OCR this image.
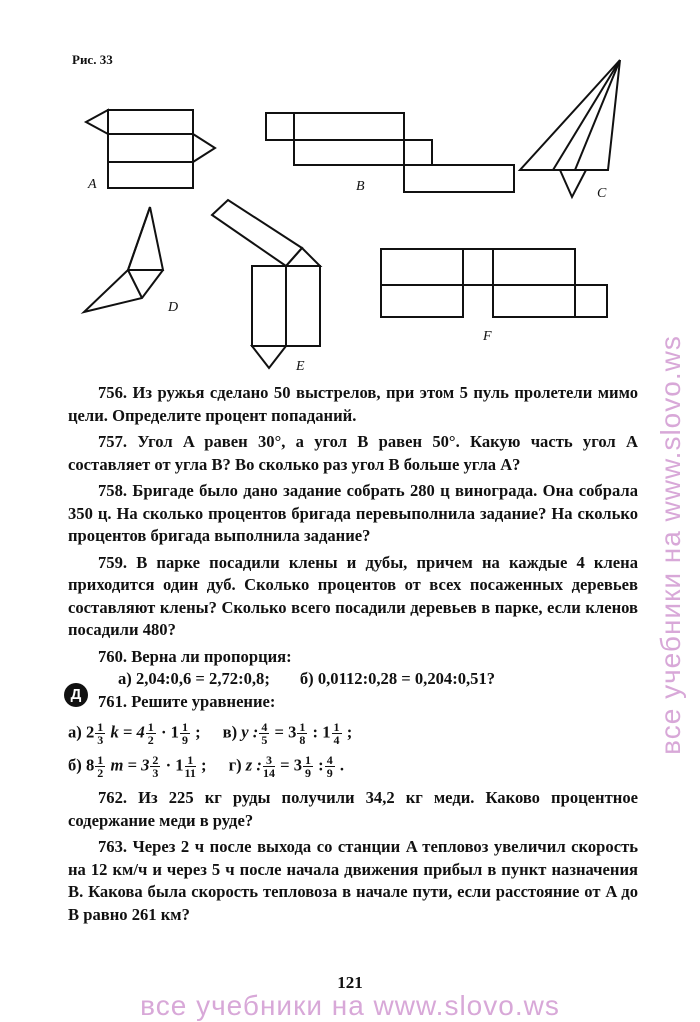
Рис. 33
A	B	C
D
E
F
756. Из ружья сделано 50 выстрелов, при этом 5 пуль пролетели мимо цели. Определите процент попаданий.
757. Угол A равен 30°, а угол B равен 50°. Какую часть угол A составляет от угла B? Во сколько раз угол B больше угла A?
758. Бригаде было дано задание собрать 280 ц винограда. Она собрала 350 ц. На сколько процентов бригада перевыполнила задание? На сколько процентов бригада выполнила задание?
759. В парке посадили клены и дубы, причем на каждые 4 клена приходится один дуб. Сколько процентов от всех посаженных деревьев составляют клены? Сколько всего посадили деревьев в парке, если кленов посадили 480?
760. Верна ли пропорция:
а) 2,04:0,6 = 2,72:0,8; б) 0,0112:0,28 = 0,204:0,51?
761. Решите уравнение:
а) $2 \frac{1}{3}$ $k = 4 \frac{1}{2} \cdot 1 \frac{1}{9}$ ; в) y : $\frac{4}{5} = 3 \frac{1}{8}$ : $1 \frac{1}{4}$ ;
б) $8 \frac{1}{2}$ $m = 3 \frac{2}{3} \cdot 1 \frac{1}{11}$ ; г) z : $\frac{3}{14} = 3 \frac{1}{9}$ : $\frac{4}{9}$ .
762. Из 225 кг руды получили 34,2 кг меди. Каково процентное содержание меди в руде?
763. Через 2 ч после выхода со станции A тепловоз увеличил скорость на 12 км/ч и через 5 ч после начала движения прибыл в пункт назначения B. Какова была скорость тепловоза в начале пути, если расстояние от A до B равно 261 км?
Д
121
все учебники на www.slovo.ws
все учебники на www.slovo.ws
